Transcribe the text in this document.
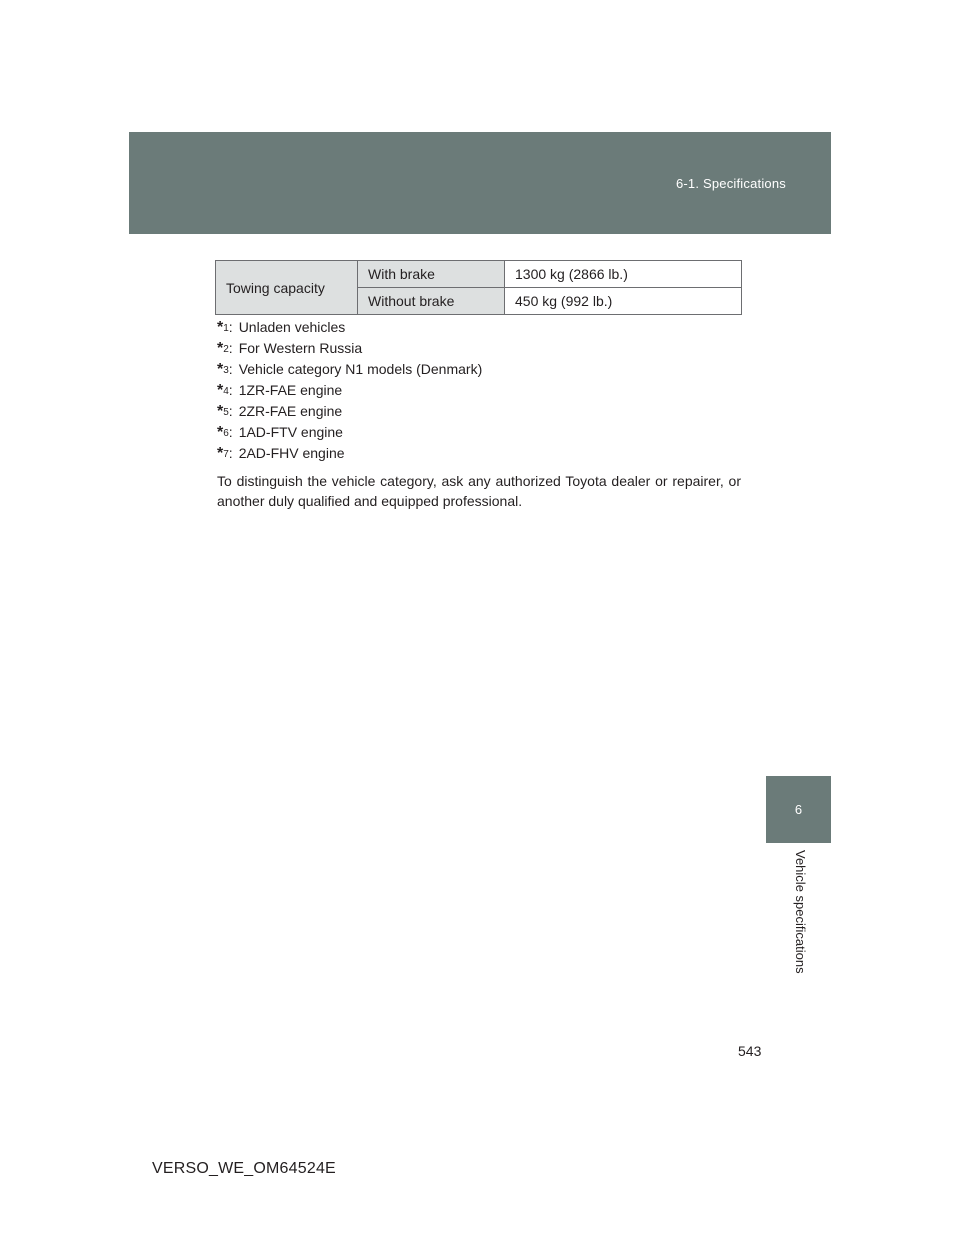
6-1. Specifications
6
Vehicle specifications
Towing capacity	With brake	1300 kg (2866 lb.)
	Without brake	450 kg (992 lb.)
*$^1$ : Unladen vehicles
*$^2$ : For Western Russia
*$^3$ : Vehicle category N1 models (Denmark)
*$^4$ : 1ZR-FAE engine
*$^5$ : 2ZR-FAE engine
*$^6$ : 1AD-FTV engine
*$^7$ : 2AD-FHV engine

To distinguish the vehicle category, ask any authorized Toyota dealer or repairer, or another duly qualified and equipped professional.

543
VERSO_WE_OM64524E
